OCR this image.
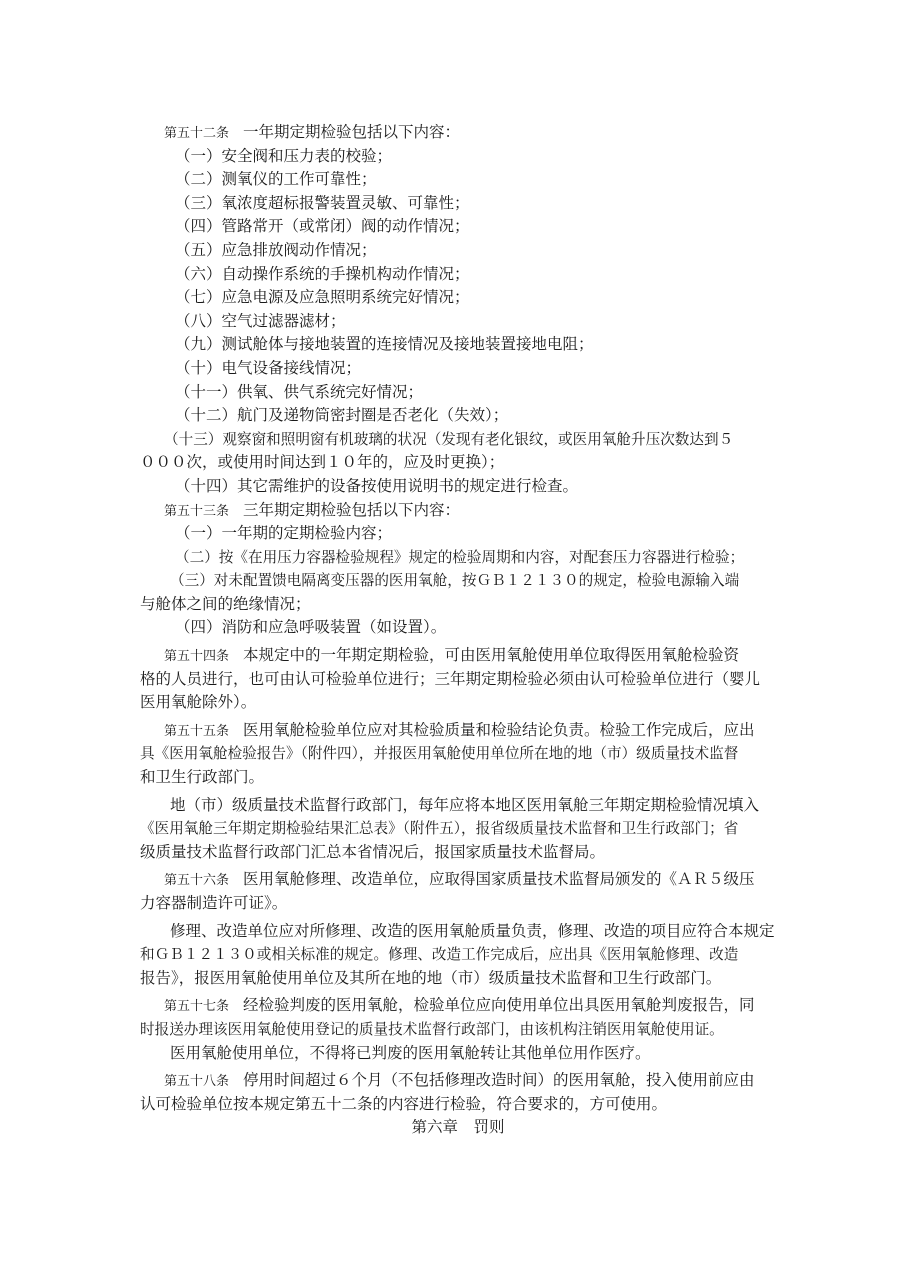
第五十二条 一年期定期检验包括以下内容：
（一）安全阀和压力表的校验；
（二）测氧仪的工作可靠性；
（三）氧浓度超标报警装置灵敏、可靠性；
（四）管路常开（或常闭）阀的动作情况；
（五）应急排放阀动作情况；
（六）自动操作系统的手操机构动作情况；
（七）应急电源及应急照明系统完好情况；
（八）空气过滤器滤材；
（九）测试舱体与接地装置的连接情况及接地装置接地电阻；
（十）电气设备接线情况；
（十一）供氧、供气系统完好情况；
（十二）航门及递物筒密封圈是否老化（失效）；
（十三）观察窗和照明窗有机玻璃的状况（发现有老化银纹，或医用氧舱升压次数达到５
０００次，或使用时间达到１０年的，应及时更换）；
（十四）其它需维护的设备按使用说明书的规定进行检查。
第五十三条 三年期定期检验包括以下内容：
（一）一年期的定期检验内容；
（二）按《在用压力容器检验规程》规定的检验周期和内容，对配套压力容器进行检验；
（三）对未配置馈电隔离变压器的医用氧舱，按ＧＢ１２１３０的规定，检验电源输入端
与舱体之间的绝缘情况；
（四）消防和应急呼吸装置（如设置）。
第五十四条 本规定中的一年期定期检验，可由医用氧舱使用单位取得医用氧舱检验资
格的人员进行，也可由认可检验单位进行；三年期定期检验必须由认可检验单位进行（婴儿
医用氧舱除外）。
第五十五条 医用氧舱检验单位应对其检验质量和检验结论负责。检验工作完成后，应出
具《医用氧舱检验报告》（附件四），并报医用氧舱使用单位所在地的地（市）级质量技术监督
和卫生行政部门。
地（市）级质量技术监督行政部门，每年应将本地区医用氧舱三年期定期检验情况填入
《医用氧舱三年期定期检验结果汇总表》（附件五），报省级质量技术监督和卫生行政部门；省
级质量技术监督行政部门汇总本省情况后，报国家质量技术监督局。
第五十六条 医用氧舱修理、改造单位，应取得国家质量技术监督局颁发的《ＡＲ５级压
力容器制造许可证》。
修理、改造单位应对所修理、改造的医用氧舱质量负责，修理、改造的项目应符合本规定
和ＧＢ１２１３０或相关标准的规定。修理、改造工作完成后，应出具《医用氧舱修理、改造
报告》，报医用氧舱使用单位及其所在地的地（市）级质量技术监督和卫生行政部门。
第五十七条 经检验判废的医用氧舱，检验单位应向使用单位出具医用氧舱判废报告，同
时报送办理该医用氧舱使用登记的质量技术监督行政部门，由该机构注销医用氧舱使用证。
医用氧舱使用单位，不得将已判废的医用氧舱转让其他单位用作医疗。
第五十八条 停用时间超过６个月（不包括修理改造时间）的医用氧舱，投入使用前应由
认可检验单位按本规定第五十二条的内容进行检验，符合要求的，方可使用。
第六章　罚则
